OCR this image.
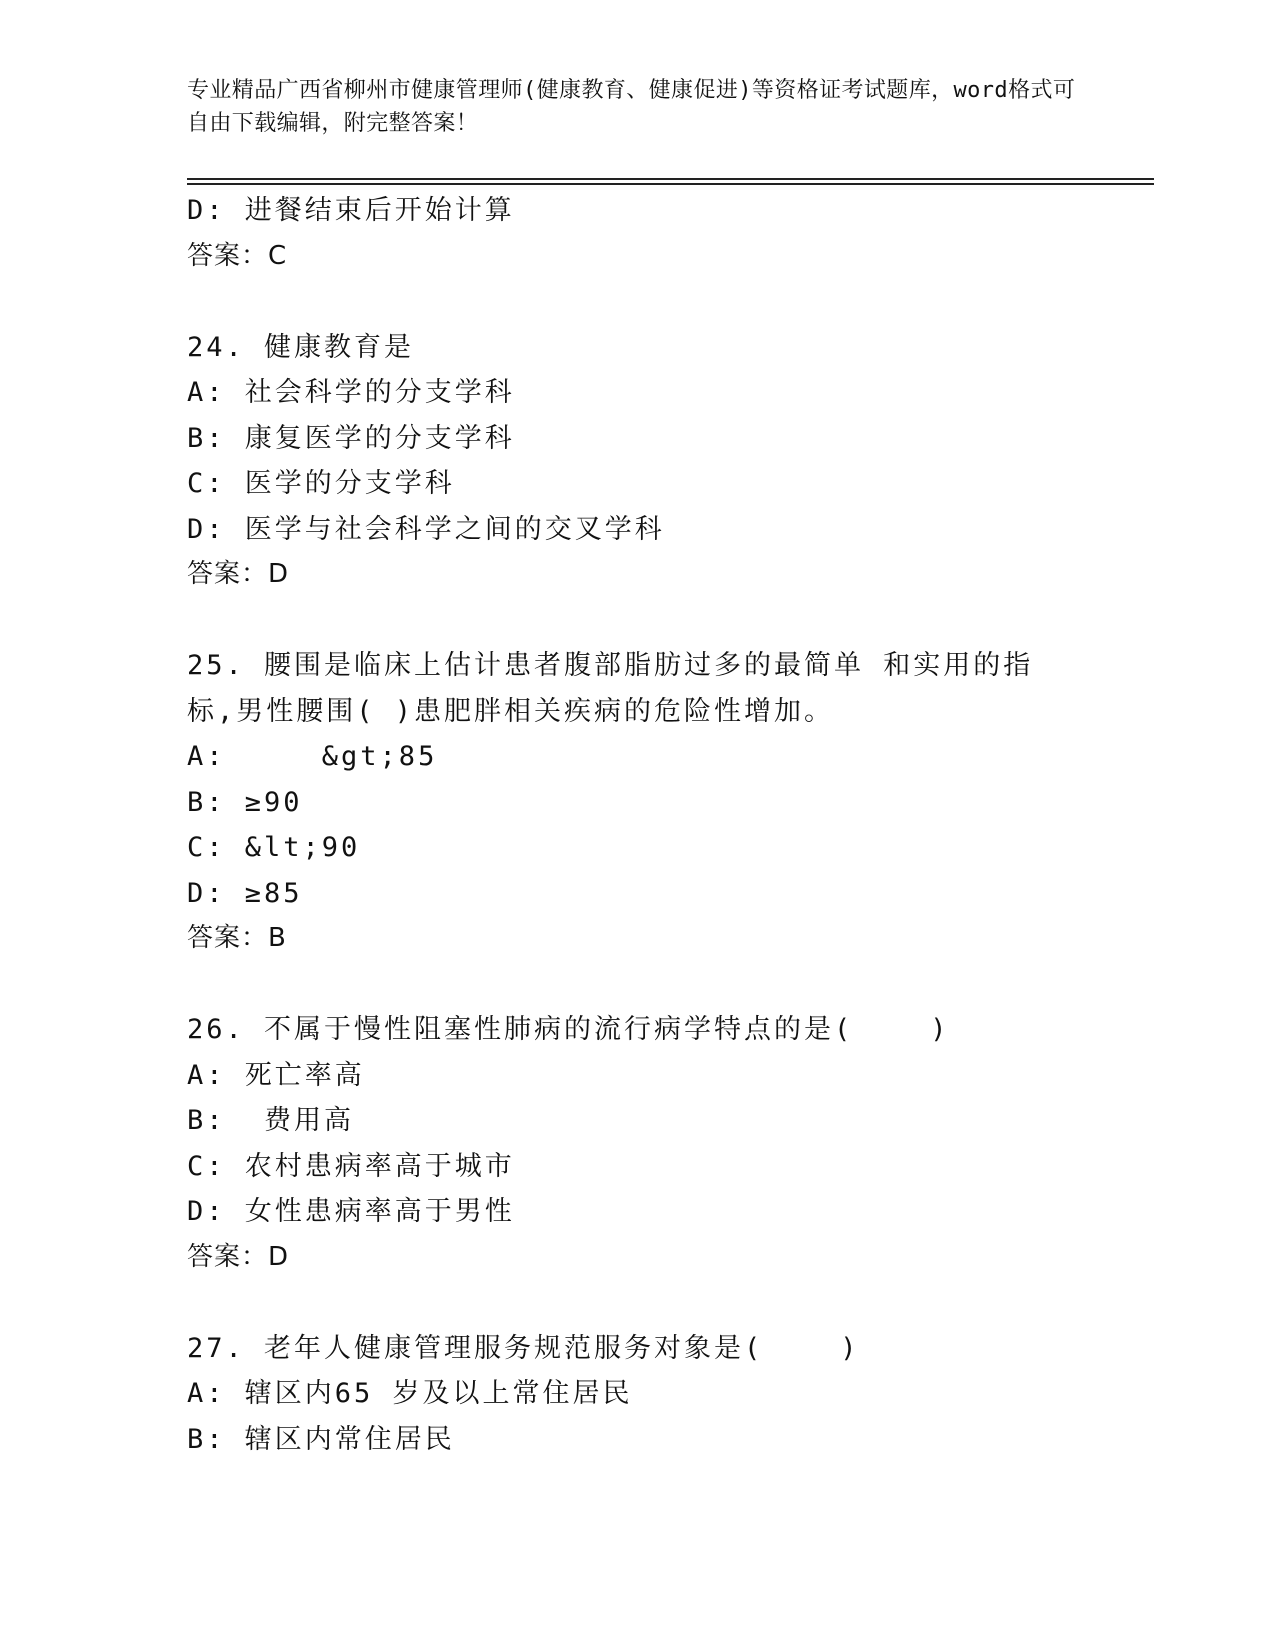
专业精品广西省柳州市健康管理师(健康教育、健康促进)等资格证考试题库，word格式可自由下载编辑，附完整答案！
D: 进餐结束后开始计算
答案：C
24. 健康教育是
A: 社会科学的分支学科
B: 康复医学的分支学科
C: 医学的分支学科
D: 医学与社会科学之间的交叉学科
答案：D
25. 腰围是临床上估计患者腹部脂肪过多的最简单 和实用的指标,男性腰围( )患肥胖相关疾病的危险性增加。
A:     &gt;85
B: ≥90
C: &lt;90
D: ≥85
答案：B
26. 不属于慢性阻塞性肺病的流行病学特点的是(    )
A: 死亡率高
B:  费用高
C: 农村患病率高于城市
D: 女性患病率高于男性
答案：D
27. 老年人健康管理服务规范服务对象是(    )
A: 辖区内65 岁及以上常住居民
B: 辖区内常住居民
